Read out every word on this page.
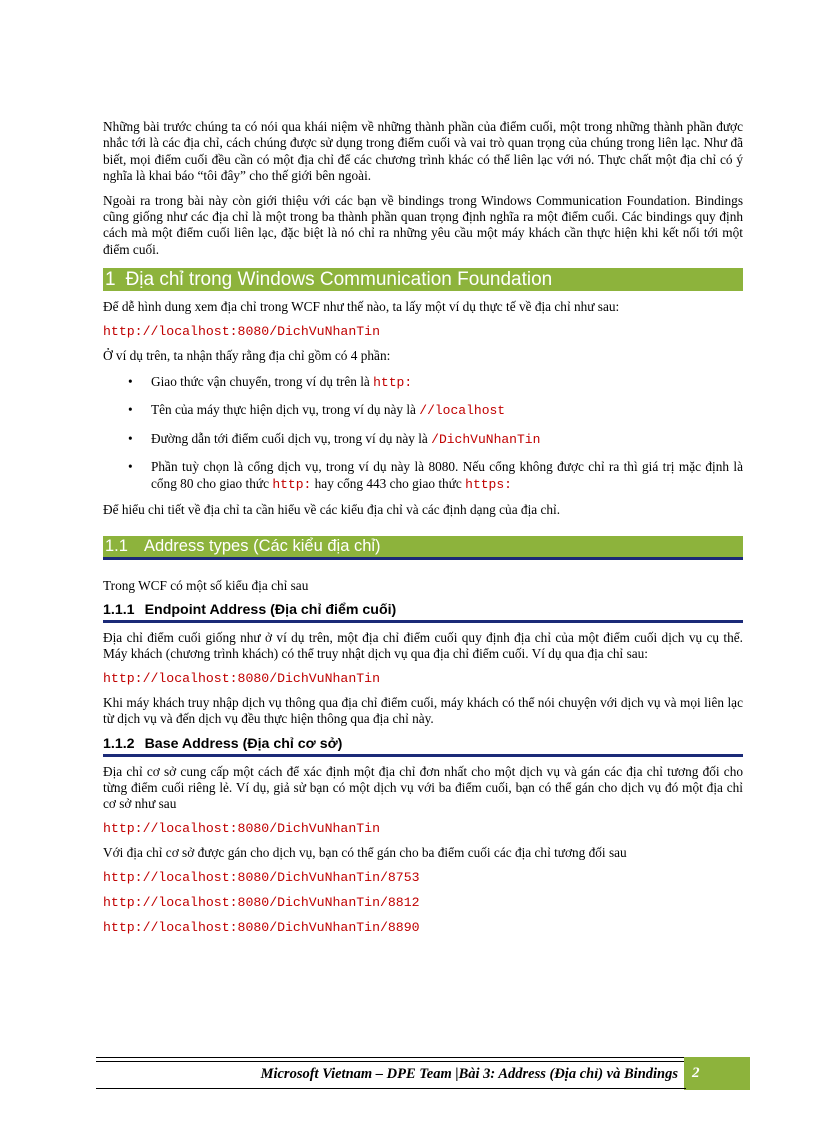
Những bài trước chúng ta có nói qua khái niệm về những thành phần của điểm cuối, một trong những thành phần được nhắc tới là các địa chỉ, cách chúng được sử dụng trong điểm cuối và vai trò quan trọng của chúng trong liên lạc. Như đã biết, mọi điểm cuối đều cần có một địa chỉ để các chương trình khác có thể liên lạc với nó. Thực chất một địa chỉ có ý nghĩa là khai báo “tôi đây” cho thế giới bên ngoài.

Ngoài ra trong bài này còn giới thiệu với các bạn về bindings trong Windows Communication Foundation. Bindings cũng giống như các địa chỉ là một trong ba thành phần quan trọng định nghĩa ra một điểm cuối. Các bindings quy định cách mà một điểm cuối liên lạc, đặc biệt là nó chỉ ra những yêu cầu một máy khách cần thực hiện khi kết nối tới một điểm cuối.

1 Địa chỉ trong Windows Communication Foundation

Để dễ hình dung xem địa chỉ trong WCF như thế nào, ta lấy một ví dụ thực tế về địa chỉ như sau:

http://localhost:8080/DichVuNhanTin

Ở ví dụ trên, ta nhận thấy rằng địa chỉ gồm có 4 phần:

• Giao thức vận chuyển, trong ví dụ trên là http:
• Tên của máy thực hiện dịch vụ, trong ví dụ này là //localhost
• Đường dẫn tới điểm cuối dịch vụ, trong ví dụ này là /DichVuNhanTin
• Phần tuỳ chọn là cổng dịch vụ, trong ví dụ này là 8080. Nếu cổng không được chỉ ra thì giá trị mặc định là cổng 80 cho giao thức http: hay cổng 443 cho giao thức https:

Để hiểu chi tiết về địa chỉ ta cần hiểu về các kiểu địa chỉ và các định dạng của địa chỉ.

1.1 Address types (Các kiểu địa chỉ)

Trong WCF có một số kiểu địa chỉ sau

1.1.1 Endpoint Address (Địa chỉ điểm cuối)

Địa chỉ điểm cuối giống như ở ví dụ trên, một địa chỉ điểm cuối quy định địa chỉ của một điểm cuối dịch vụ cụ thể. Máy khách (chương trình khách) có thể truy nhật dịch vụ qua địa chỉ điểm cuối. Ví dụ qua địa chỉ sau:

http://localhost:8080/DichVuNhanTin

Khi máy khách truy nhập dịch vụ thông qua địa chỉ điểm cuối, máy khách có thể nói chuyện với dịch vụ và mọi liên lạc từ dịch vụ và đến dịch vụ đều thực hiện thông qua địa chỉ này.

1.1.2 Base Address (Địa chỉ cơ sở)

Địa chỉ cơ sở cung cấp một cách để xác định một địa chỉ đơn nhất cho một dịch vụ và gán các địa chỉ tương đối cho từng điểm cuối riêng lẻ. Ví dụ, giả sử bạn có một dịch vụ với ba điểm cuối, bạn có thể gán cho dịch vụ đó một địa chỉ cơ sở như sau

http://localhost:8080/DichVuNhanTin

Với địa chỉ cơ sở được gán cho dịch vụ, bạn có thể gán cho ba điểm cuối các địa chỉ tương đối sau

http://localhost:8080/DichVuNhanTin/8753

http://localhost:8080/DichVuNhanTin/8812

http://localhost:8080/DichVuNhanTin/8890

Microsoft Vietnam – DPE Team |Bài 3: Address (Địa chỉ) và Bindings 2
